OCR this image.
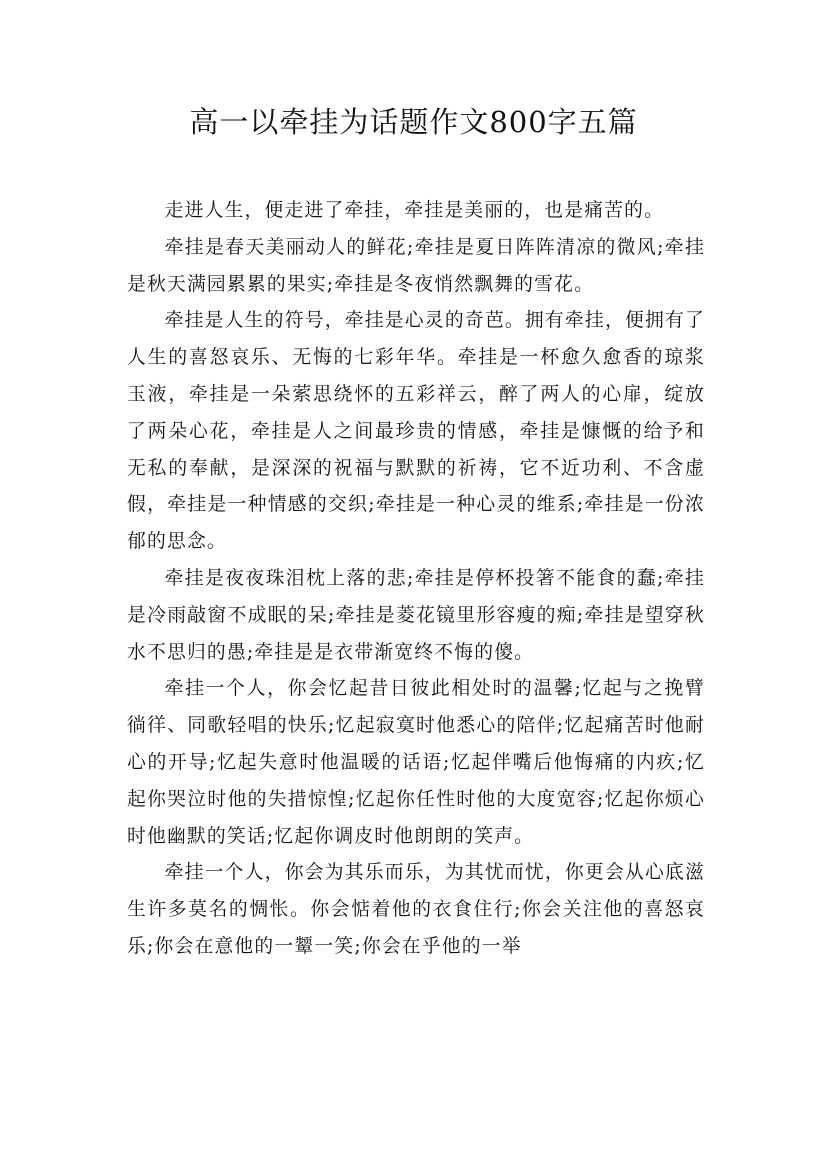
高一以牵挂为话题作文800字五篇

走进人生，便走进了牵挂，牵挂是美丽的，也是痛苦的。

牵挂是春天美丽动人的鲜花;牵挂是夏日阵阵清凉的微风;牵挂是秋天满园累累的果实;牵挂是冬夜悄然飘舞的雪花。

牵挂是人生的符号，牵挂是心灵的奇芭。拥有牵挂，便拥有了人生的喜怒哀乐、无悔的七彩年华。牵挂是一杯愈久愈香的琼浆玉液，牵挂是一朵萦思绕怀的五彩祥云，醉了两人的心扉，绽放了两朵心花，牵挂是人之间最珍贵的情感，牵挂是慷慨的给予和无私的奉献，是深深的祝福与默默的祈祷，它不近功利、不含虚假，牵挂是一种情感的交织;牵挂是一种心灵的维系;牵挂是一份浓郁的思念。

牵挂是夜夜珠泪枕上落的悲;牵挂是停杯投箸不能食的蠢;牵挂是冷雨敲窗不成眠的呆;牵挂是菱花镜里形容瘦的痴;牵挂是望穿秋水不思归的愚;牵挂是是衣带渐宽终不悔的傻。

牵挂一个人，你会忆起昔日彼此相处时的温馨;忆起与之挽臂徜徉、同歌轻唱的快乐;忆起寂寞时他悉心的陪伴;忆起痛苦时他耐心的开导;忆起失意时他温暖的话语;忆起伴嘴后他悔痛的内疚;忆起你哭泣时他的失措惊惶;忆起你任性时他的大度宽容;忆起你烦心时他幽默的笑话;忆起你调皮时他朗朗的笑声。

牵挂一个人，你会为其乐而乐，为其忧而忧，你更会从心底滋生许多莫名的惆怅。你会惦着他的衣食住行;你会关注他的喜怒哀乐;你会在意他的一颦一笑;你会在乎他的一举
